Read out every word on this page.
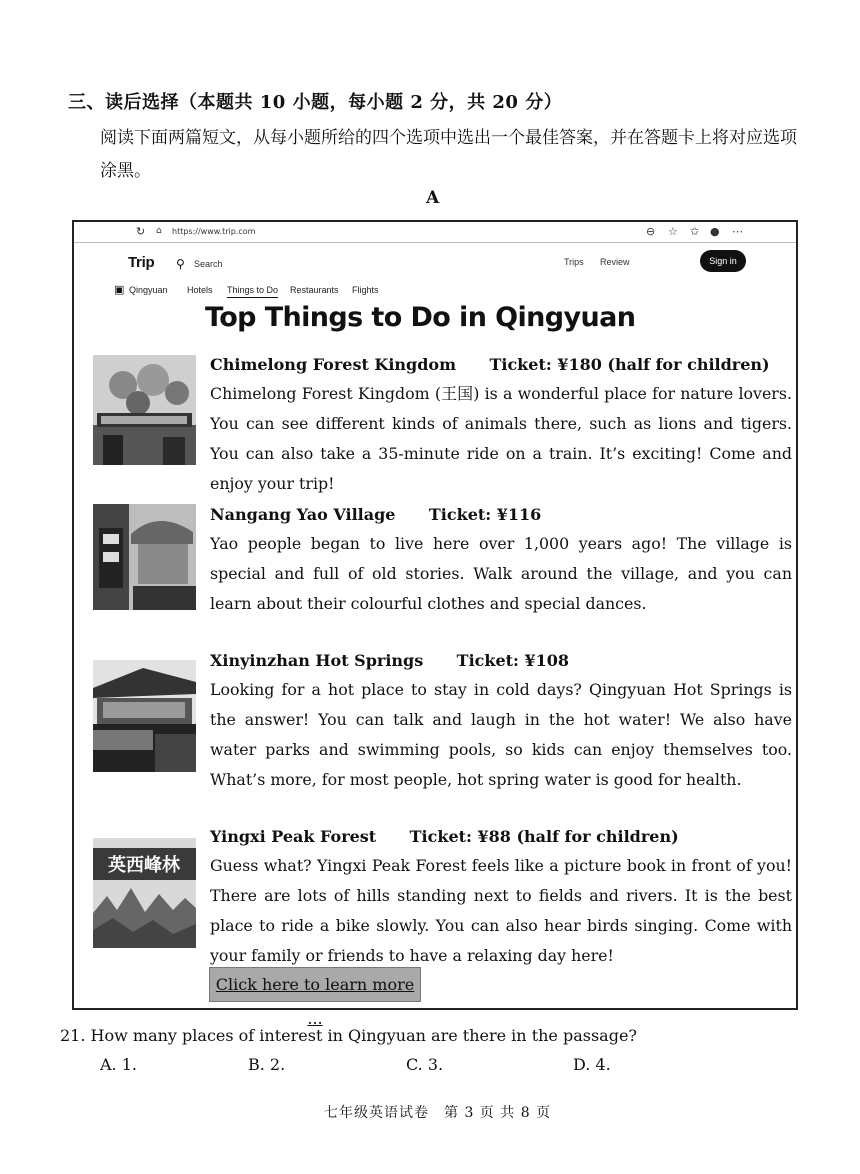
三、读后选择（本题共 10 小题，每小题 2 分，共 20 分）
阅读下面两篇短文，从每小题所给的四个选项中选出一个最佳答案，并在答题卡上将对应选项涂黑。
A
↻ ⌂ https://www.trip.com	⊖ ☆ ✩ ● ⋯
Trip ⚲ Search	Trips Review	Sign in
▣ Qingyuan Hotels Things to Do Restaurants Flights
Top Things to Do in Qingyuan
英西峰林
Chimelong Forest Kingdom Ticket: ¥180 (half for children)
Chimelong Forest Kingdom (王国) is a wonderful place for nature lovers. You can see different kinds of animals there, such as lions and tigers. You can also take a 35-minute ride on a train. It’s exciting! Come and enjoy your trip!
Nangang Yao Village Ticket: ¥116
Yao people began to live here over 1,000 years ago! The village is special and full of old stories. Walk around the village, and you can learn about their colourful clothes and special dances.
Xinyinzhan Hot Springs Ticket: ¥108
Looking for a hot place to stay in cold days? Qingyuan Hot Springs is the answer! You can talk and laugh in the hot water! We also have water parks and swimming pools, so kids can enjoy themselves too. What’s more, for most people, hot spring water is good for health.
Yingxi Peak Forest Ticket: ¥88 (half for children)
Guess what? Yingxi Peak Forest feels like a picture book in front of you! There are lots of hills standing next to fields and rivers. It is the best place to ride a bike slowly. You can also hear birds singing. Come with your family or friends to have a relaxing day here!
Click here to learn more ...
21. How many places of interest in Qingyuan are there in the passage?
A. 1.	B. 2.	C. 3.	D. 4.
七年级英语试卷　第 3 页 共 8 页
